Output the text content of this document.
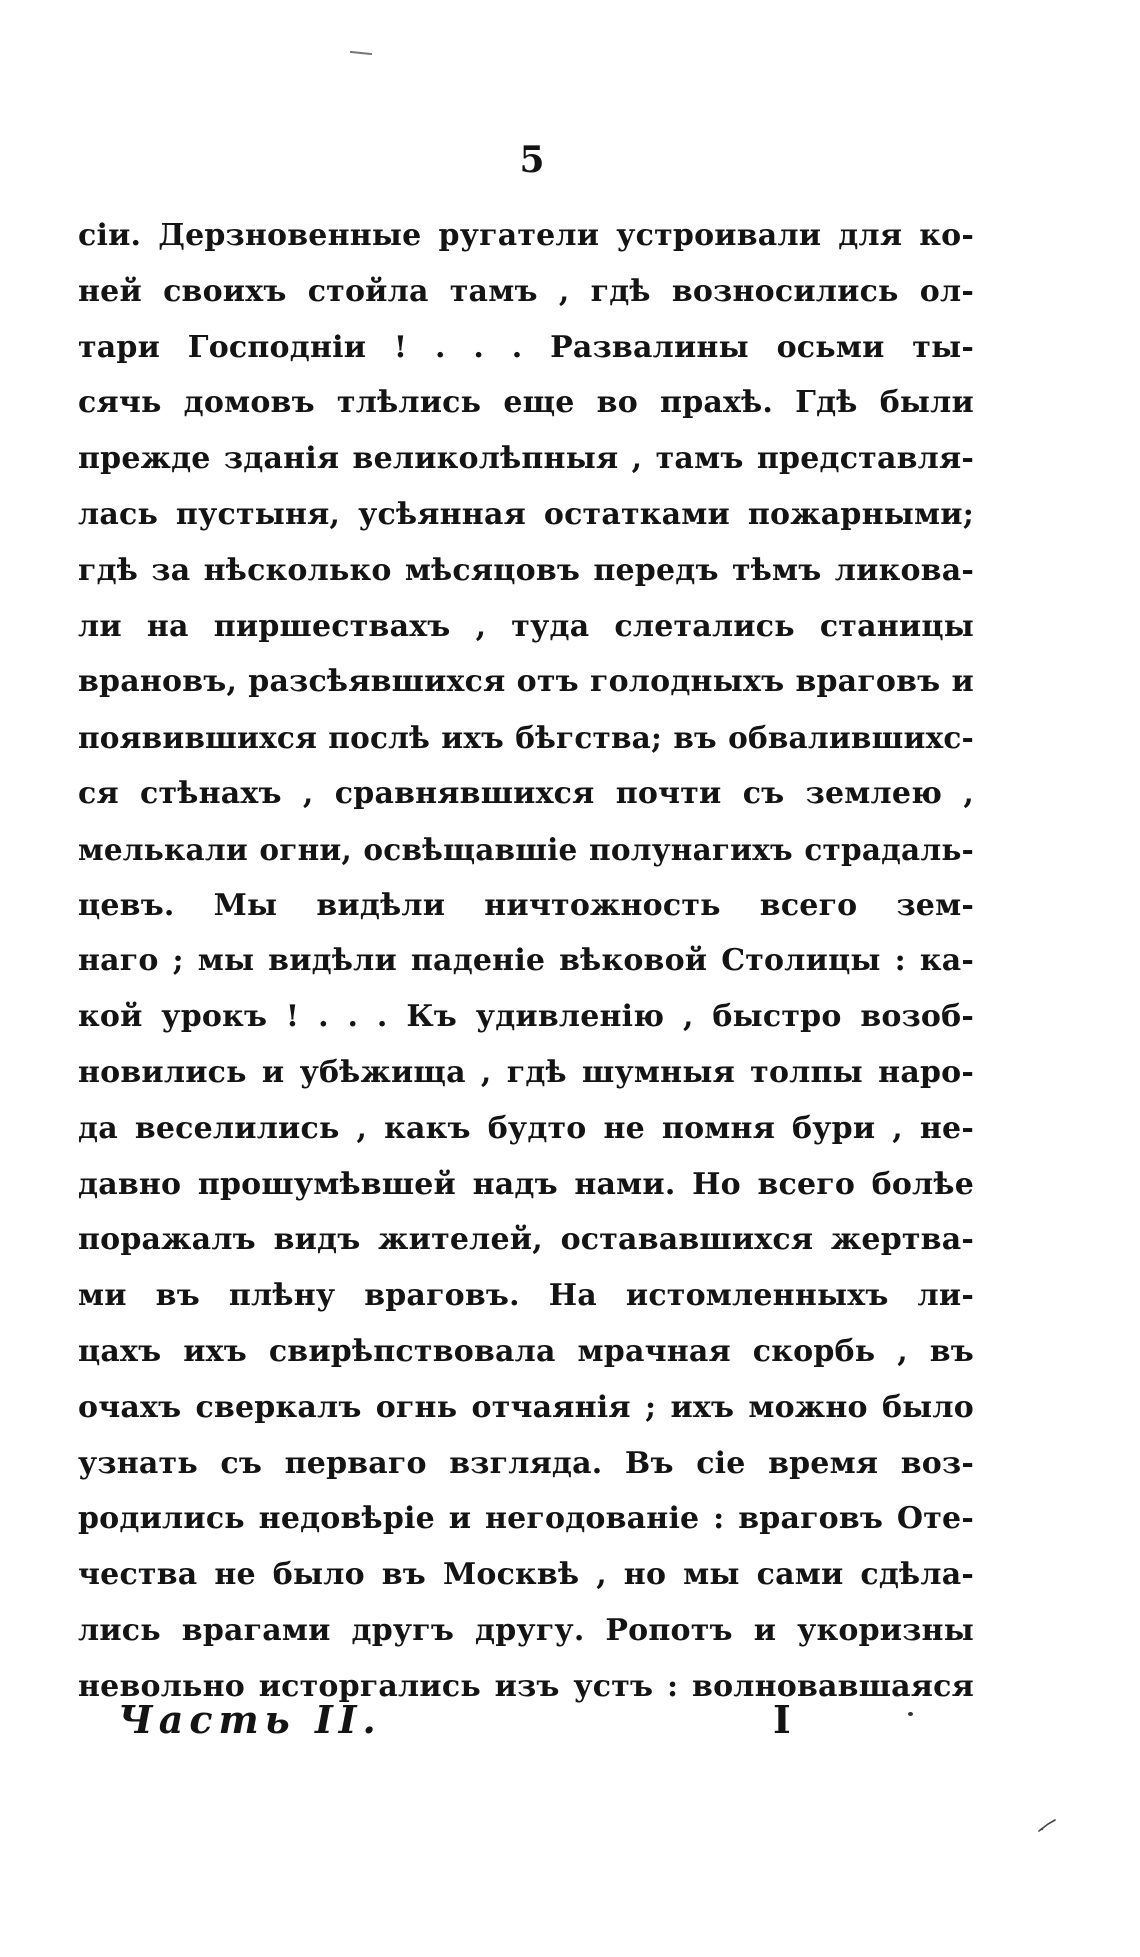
5
сіи. Дерзновенные ругатели устроивали для ко-
ней своихъ стойла тамъ , гдѣ возносились ол-
тари Господніи ! . . . Развалины осьми ты-
сячь домовъ тлѣлись еще во прахѣ. Гдѣ были
прежде зданія великолѣпныя , тамъ представля-
лась пустыня, усѣянная остатками пожарными;
гдѣ за нѣсколько мѣсяцовъ передъ тѣмъ ликова-
ли на пиршествахъ , туда слетались станицы
врановъ, разсѣявшихся отъ голодныхъ враговъ и
появившихся послѣ ихъ бѣгства; въ обвалившихс-
ся стѣнахъ , сравнявшихся почти съ землею ,
мелькали огни, освѣщавшіе полунагихъ страдаль-
цевъ. Мы видѣли ничтожность всего зем-
наго ; мы видѣли паденіе вѣковой Столицы : ка-
кой урокъ ! . . . Къ удивленію , быстро возоб-
новились и убѣжища , гдѣ шумныя толпы наро-
да веселились , какъ будто не помня бури , не-
давно прошумѣвшей надъ нами. Но всего болѣе
поражалъ видъ жителей, остававшихся жертва-
ми въ плѣну враговъ. На истомленныхъ ли-
цахъ ихъ свирѣпствовала мрачная скорбь , въ
очахъ сверкалъ огнь отчаянія ; ихъ можно было
узнать съ перваго взгляда. Въ сіе время воз-
родились недовѣріе и негодованіе : враговъ Оте-
чества не было въ Москвѣ , но мы сами сдѣла-
лись врагами другъ другу. Ропотъ и укоризны
невольно исторгались изъ устъ : волновавшаяся
Часть II.	I
